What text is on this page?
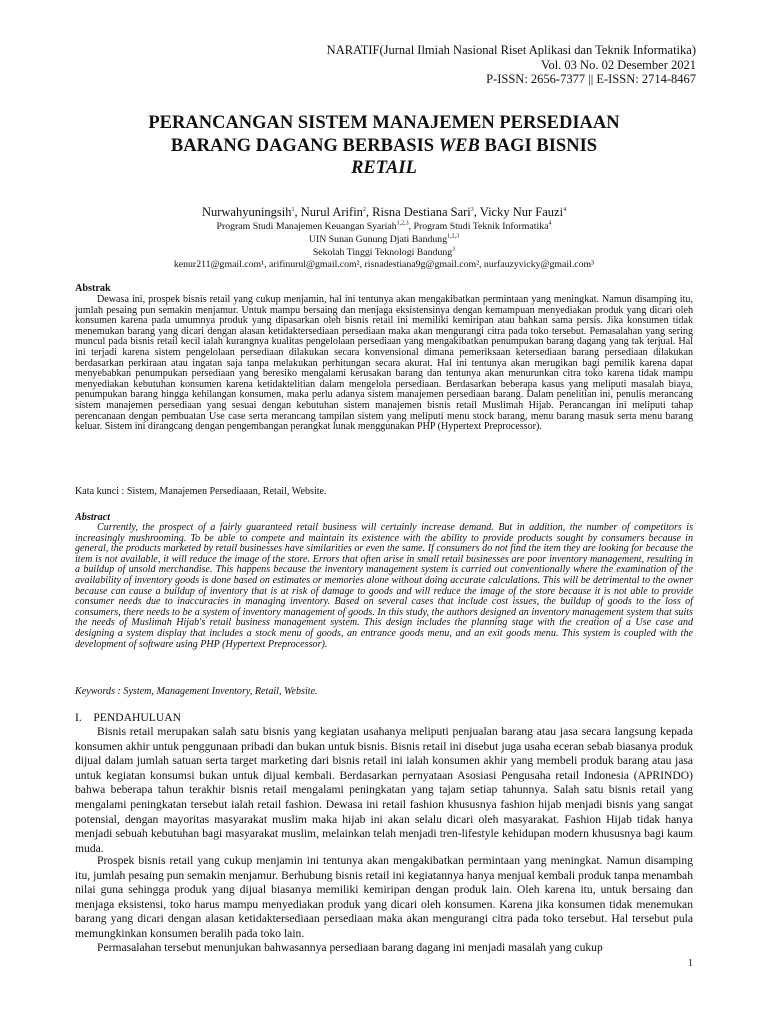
NARATIF(Jurnal Ilmiah Nasional Riset Aplikasi dan Teknik Informatika)
Vol. 03 No. 02 Desember 2021
P-ISSN: 2656-7377 || E-ISSN: 2714-8467
PERANCANGAN SISTEM MANAJEMEN PERSEDIAAN
BARANG DAGANG BERBASIS WEB BAGI BISNIS
RETAIL
Nurwahyuningsih$^1$, Nurul Arifin$^2$, Risna Destiana Sari$^3$, Vicky Nur Fauzi$^4$
Program Studi Manajemen Keuangan Syariah$^{1,2,3}$, Program Studi Teknik Informatika$^4$
UIN Sunan Gunung Djati Bandung$^{1,2,3}$
Sekolah Tinggi Teknologi Bandung$^3$
kenur211@gmail.com¹, arifinurul@gmail.com², risnadestiana9g@gmail.com², nurfauzyvicky@gmail.com³
Abstrak
Dewasa ini, prospek bisnis retail yang cukup menjamin, hal ini tentunya akan mengakibatkan permintaan yang meningkat. Namun disamping itu, jumlah pesaing pun semakin menjamur. Untuk mampu bersaing dan menjaga eksistensinya dengan kemampuan menyediakan produk yang dicari oleh konsumen karena pada umumnya produk yang dipasarkan oleh bisnis retail ini memiliki kemiripan atau bahkan sama persis. Jika konsumen tidak menemukan barang yang dicari dengan alasan ketidaktersediaan persediaan maka akan mengurangi citra pada toko tersebut. Pemasalahan yang sering muncul pada bisnis retail kecil ialah kurangnya kualitas pengelolaan persediaan yang mengakibatkan penumpukan barang dagang yang tak terjual. Hal ini terjadi karena sistem pengelolaan persediaan dilakukan secara konvensional dimana pemeriksaan ketersediaan barang persediaan dilakukan berdasarkan perkiraan atau ingatan saja tanpa melakukan perhitungan secara akurat. Hal ini tentunya akan merugikan bagi pemilik karena dapat menyebabkan penumpukan persediaan yang beresiko mengalami kerusakan barang dan tentunya akan menurunkan citra toko karena tidak mampu menyediakan kebutuhan konsumen karena ketidaktelitian dalam mengelola persediaan. Berdasarkan beberapa kasus yang meliputi masalah biaya, penumpukan barang hingga kehilangan konsumen, maka perlu adanya sistem manajemen persediaan barang. Dalam penelitian ini, penulis merancang sistem manajemen persediaan yang sesuai dengan kebutuhan sistem manajemen bisnis retail Muslimah Hijab. Perancangan ini meliputi tahap perencanaan dengan pembuatan Use case serta merancang tampilan sistem yang meliputi menu stock barang, menu barang masuk serta menu barang keluar. Sistem ini dirangcang dengan pengembangan perangkat lunak menggunakan PHP (Hypertext Preprocessor).
Kata kunci : Sistem, Manajemen Persediaaan, Retail, Website.
Abstract
Currently, the prospect of a fairly guaranteed retail business will certainly increase demand. But in addition, the number of competitors is increasingly mushrooming. To be able to compete and maintain its existence with the ability to provide products sought by consumers because in general, the products marketed by retail businesses have similarities or even the same. If consumers do not find the item they are looking for because the item is not available, it will reduce the image of the store. Errors that often arise in small retail businesses are poor inventory management, resulting in a buildup of unsold merchandise. This happens because the inventory management system is carried out conventionally where the examination of the availability of inventory goods is done based on estimates or memories alone without doing accurate calculations. This will be detrimental to the owner because can cause a buildup of inventory that is at risk of damage to goods and will reduce the image of the store because it is not able to provide consumer needs due to inaccuracies in managing inventory. Based on several cases that include cost issues, the buildup of goods to the loss of consumers, there needs to be a system of inventory management of goods. In this study, the authors designed an inventory management system that suits the needs of Muslimah Hijab's retail business management system. This design includes the planning stage with the creation of a Use case and designing a system display that includes a stock menu of goods, an entrance goods menu, and an exit goods menu. This system is coupled with the development of software using PHP (Hypertext Preprocessor).
Keywords : System, Management Inventory, Retail, Website.
I. PENDAHULUAN
Bisnis retail merupakan salah satu bisnis yang kegiatan usahanya meliputi penjualan barang atau jasa secara langsung kepada konsumen akhir untuk penggunaan pribadi dan bukan untuk bisnis. Bisnis retail ini disebut juga usaha eceran sebab biasanya produk dijual dalam jumlah satuan serta target marketing dari bisnis retail ini ialah konsumen akhir yang membeli produk barang atau jasa untuk kegiatan konsumsi bukan untuk dijual kembali. Berdasarkan pernyataan Asosiasi Pengusaha retail Indonesia (APRINDO) bahwa beberapa tahun terakhir bisnis retail mengalami peningkatan yang tajam setiap tahunnya. Salah satu bisnis retail yang mengalami peningkatan tersebut ialah retail fashion. Dewasa ini retail fashion khususnya fashion hijab menjadi bisnis yang sangat potensial, dengan mayoritas masyarakat muslim maka hijab ini akan selalu dicari oleh masyarakat. Fashion Hijab tidak hanya menjadi sebuah kebutuhan bagi masyarakat muslim, melainkan telah menjadi tren-lifestyle kehidupan modern khususnya bagi kaum muda.
Prospek bisnis retail yang cukup menjamin ini tentunya akan mengakibatkan permintaan yang meningkat. Namun disamping itu, jumlah pesaing pun semakin menjamur. Berhubung bisnis retail ini kegiatannya hanya menjual kembali produk tanpa menambah nilai guna sehingga produk yang dijual biasanya memiliki kemiripan dengan produk lain. Oleh karena itu, untuk bersaing dan menjaga eksistensi, toko harus mampu menyediakan produk yang dicari oleh konsumen. Karena jika konsumen tidak menemukan barang yang dicari dengan alasan ketidaktersediaan persediaan maka akan mengurangi citra pada toko tersebut. Hal tersebut pula memungkinkan konsumen beralih pada toko lain.
Permasalahan tersebut menunjukan bahwasannya persediaan barang dagang ini menjadi masalah yang cukup
1
